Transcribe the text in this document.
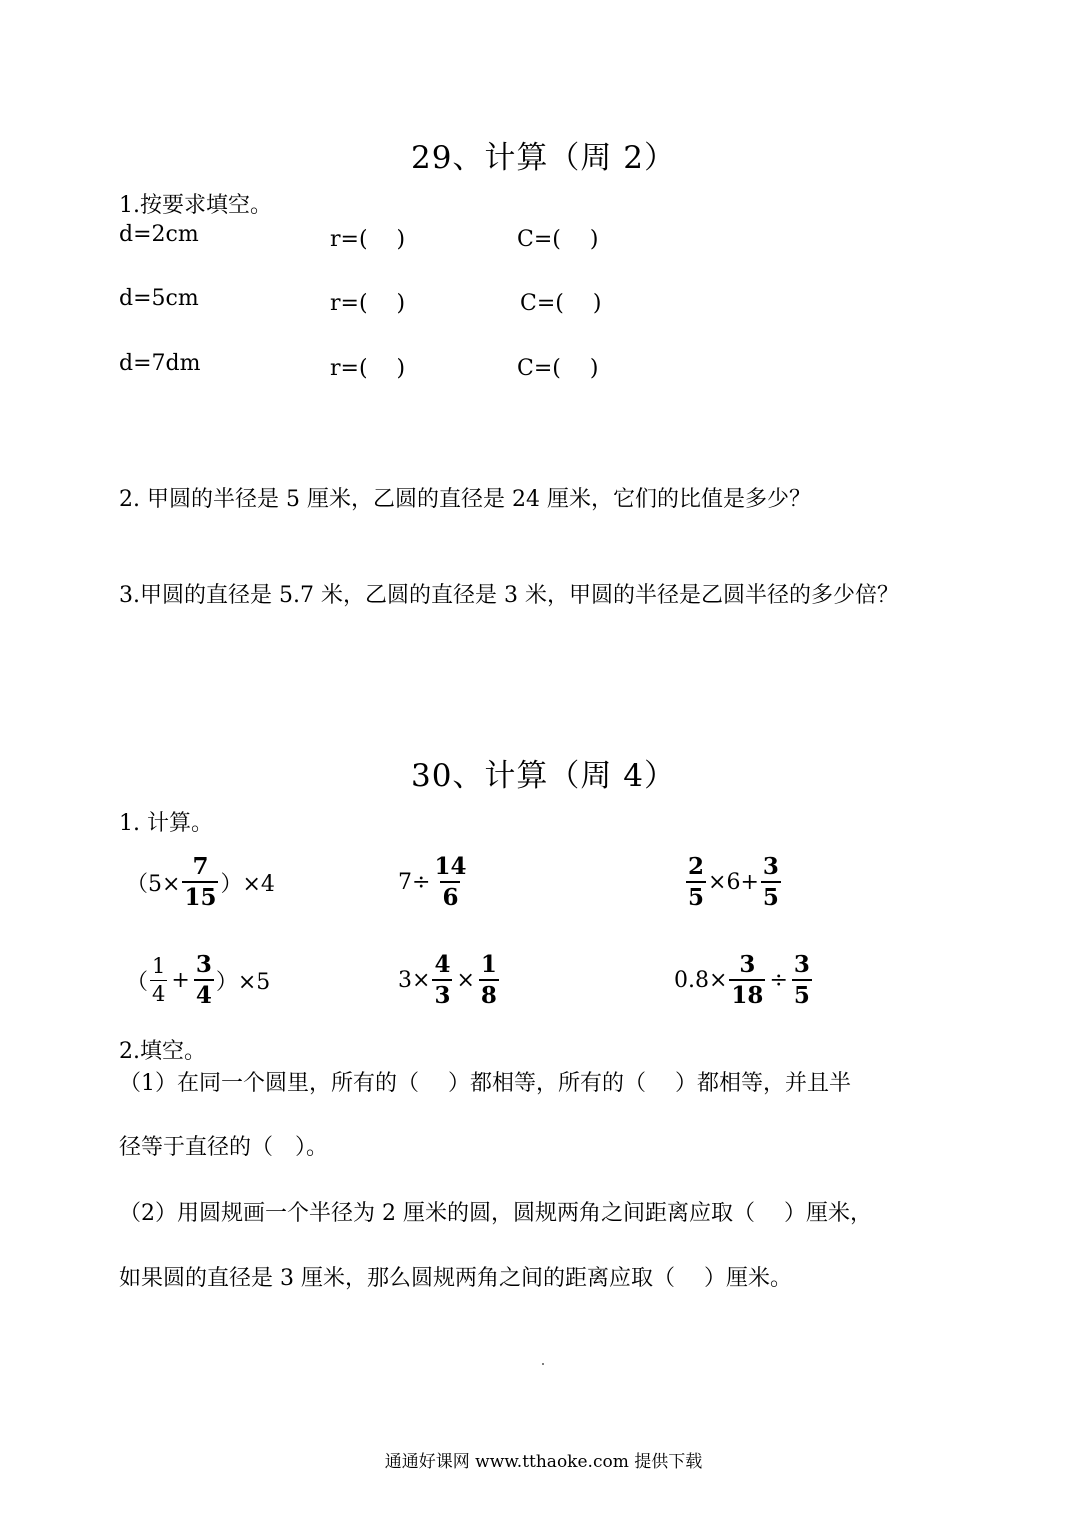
29、计算（周 2）
1.按要求填空。
d=2cm	r=(　 )	C=(　 )
d=5cm	r=(　 )	C=(　 )
d=7dm	r=(　 )	C=(　 )
2. 甲圆的半径是 5 厘米，乙圆的直径是 24 厘米，它们的比值是多少？
3.甲圆的直径是 5.7 米，乙圆的直径是 3 米，甲圆的半径是乙圆半径的多少倍？
30、计算（周 4）
1. 计算。
$(5\times \frac{7}{15} )\times 4$	$7\div \frac{14}{6}$	$\frac{2}{5} \times 6+ \frac{3}{5}$
（ $\frac{1}{4} + \frac{3}{4} )\times 5$	$3\times \frac{4}{3} \times \frac{1}{8}$	$0.8\times \frac{3}{18} \div \frac{3}{5}$
2.填空。
（1）在同一个圆里，所有的（　 ）都相等，所有的（　 ）都相等，并且半
径等于直径的（　）。
（2）用圆规画一个半径为 2 厘米的圆，圆规两角之间距离应取（　 ）厘米，
如果圆的直径是 3 厘米，那么圆规两角之间的距离应取（　 ）厘米。
通通好课网 www.tthaoke.com 提供下载
